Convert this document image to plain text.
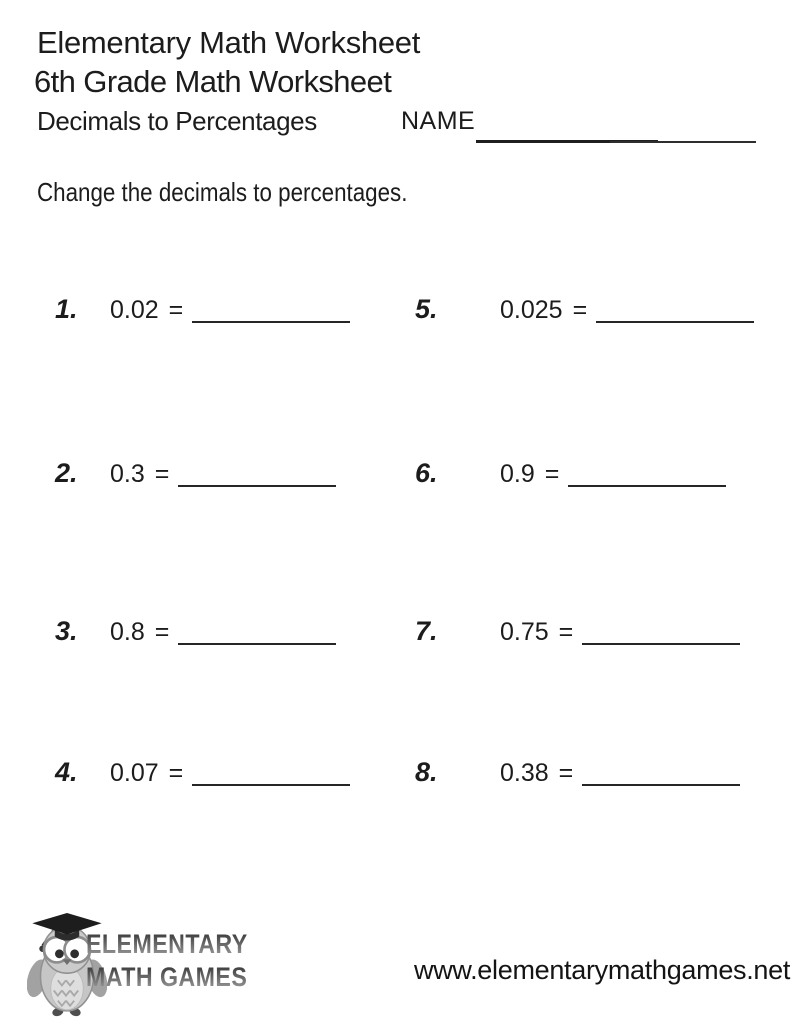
Elementary Math Worksheet
6th Grade Math Worksheet
Decimals to Percentages	NAME
Change the decimals to percentages.
1. 0.02 =
2. 0.3 =
3. 0.8 =
4. 0.07 =
5. 0.025 =
6. 0.9 =
7. 0.75 =
8. 0.38 =
ELEMENTARY
MATH GAMES	www.elementarymathgames.net
